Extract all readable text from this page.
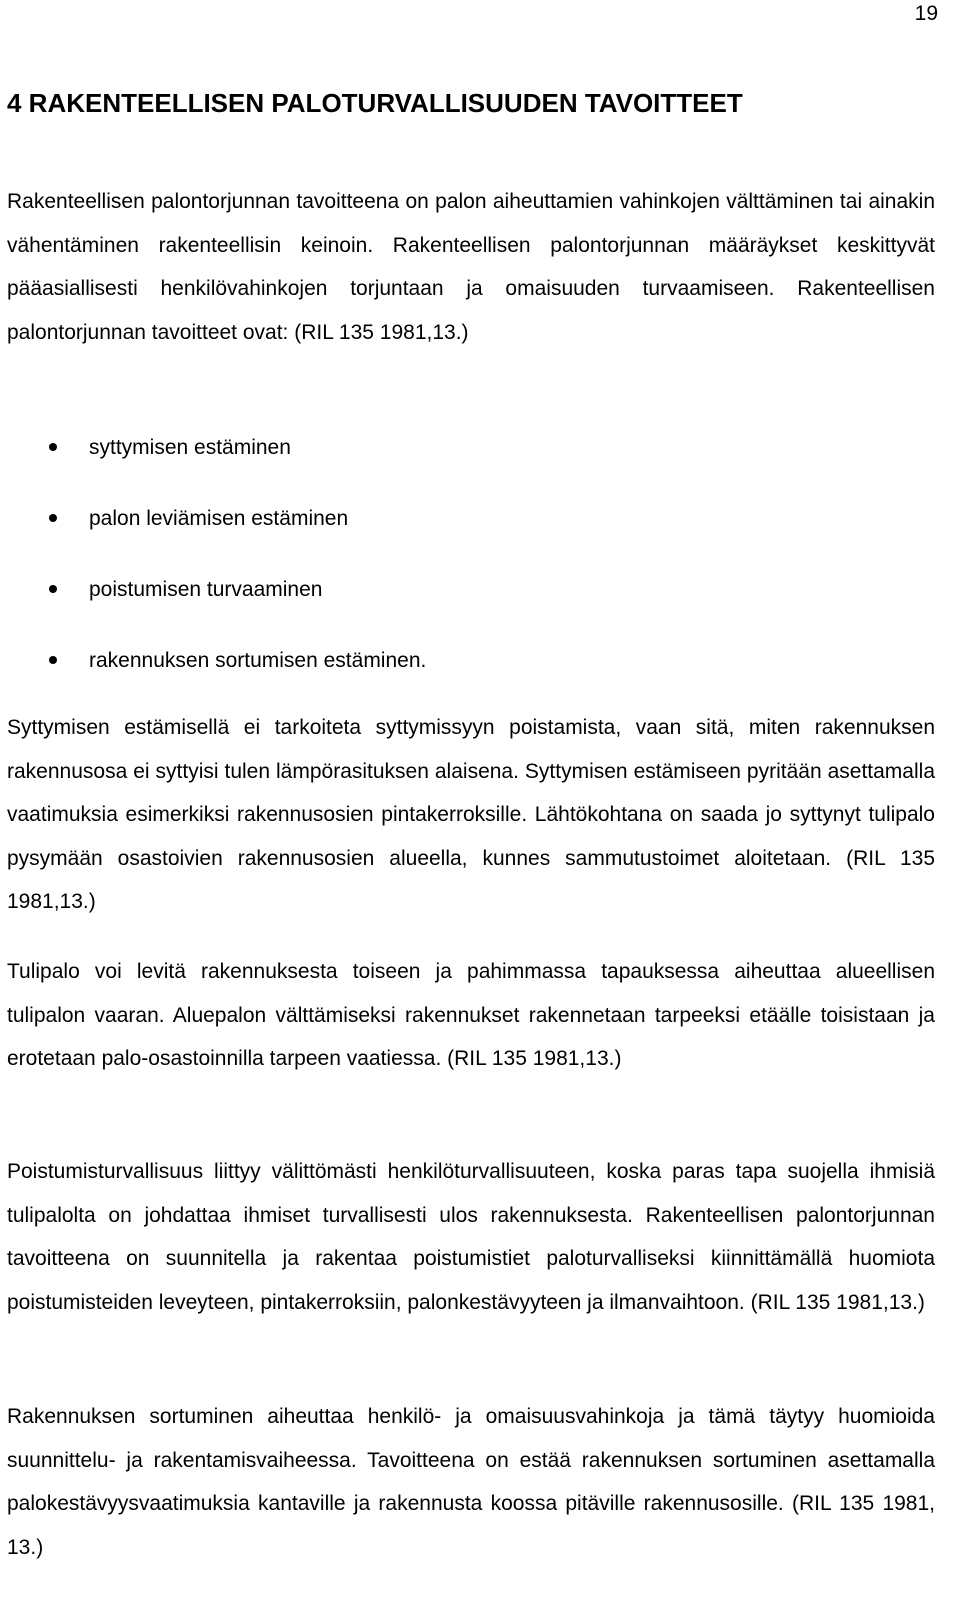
19
4 RAKENTEELLISEN PALOTURVALLISUUDEN TAVOITTEET

Rakenteellisen palontorjunnan tavoitteena on palon aiheuttamien vahinkojen välttäminen tai ainakin vähentäminen rakenteellisin keinoin. Rakenteellisen palontorjunnan määräykset keskittyvät pääasiallisesti henkilövahinkojen torjuntaan ja omaisuuden turvaamiseen. Rakenteellisen palontorjunnan tavoitteet ovat: (RIL 135 1981,13.)

syttymisen estäminen
palon leviämisen estäminen
poistumisen turvaaminen
rakennuksen sortumisen estäminen.

Syttymisen estämisellä ei tarkoiteta syttymissyyn poistamista, vaan sitä, miten rakennuksen rakennusosa ei syttyisi tulen lämpörasituksen alaisena. Syttymisen estämiseen pyritään asettamalla vaatimuksia esimerkiksi rakennusosien pintakerroksille. Lähtökohtana on saada jo syttynyt tulipalo pysymään osastoivien rakennusosien alueella, kunnes sammutustoimet aloitetaan. (RIL 135 1981,13.)

Tulipalo voi levitä rakennuksesta toiseen ja pahimmassa tapauksessa aiheuttaa alueellisen tulipalon vaaran. Aluepalon välttämiseksi rakennukset rakennetaan tarpeeksi etäälle toisistaan ja erotetaan palo-osastoinnilla tarpeen vaatiessa. (RIL 135 1981,13.)

Poistumisturvallisuus liittyy välittömästi henkilöturvallisuuteen, koska paras tapa suojella ihmisiä tulipalolta on johdattaa ihmiset turvallisesti ulos rakennuksesta. Rakenteellisen palontorjunnan tavoitteena on suunnitella ja rakentaa poistumistiet paloturvalliseksi kiinnittämällä huomiota poistumisteiden leveyteen, pintakerroksiin, palonkestävyyteen ja ilmanvaihtoon. (RIL 135 1981,13.)

Rakennuksen sortuminen aiheuttaa henkilö- ja omaisuusvahinkoja ja tämä täytyy huomioida suunnittelu- ja rakentamisvaiheessa. Tavoitteena on estää rakennuksen sortuminen asettamalla palokestävyysvaatimuksia kantaville ja rakennusta koossa pitäville rakennusosille. (RIL 135 1981, 13.)
